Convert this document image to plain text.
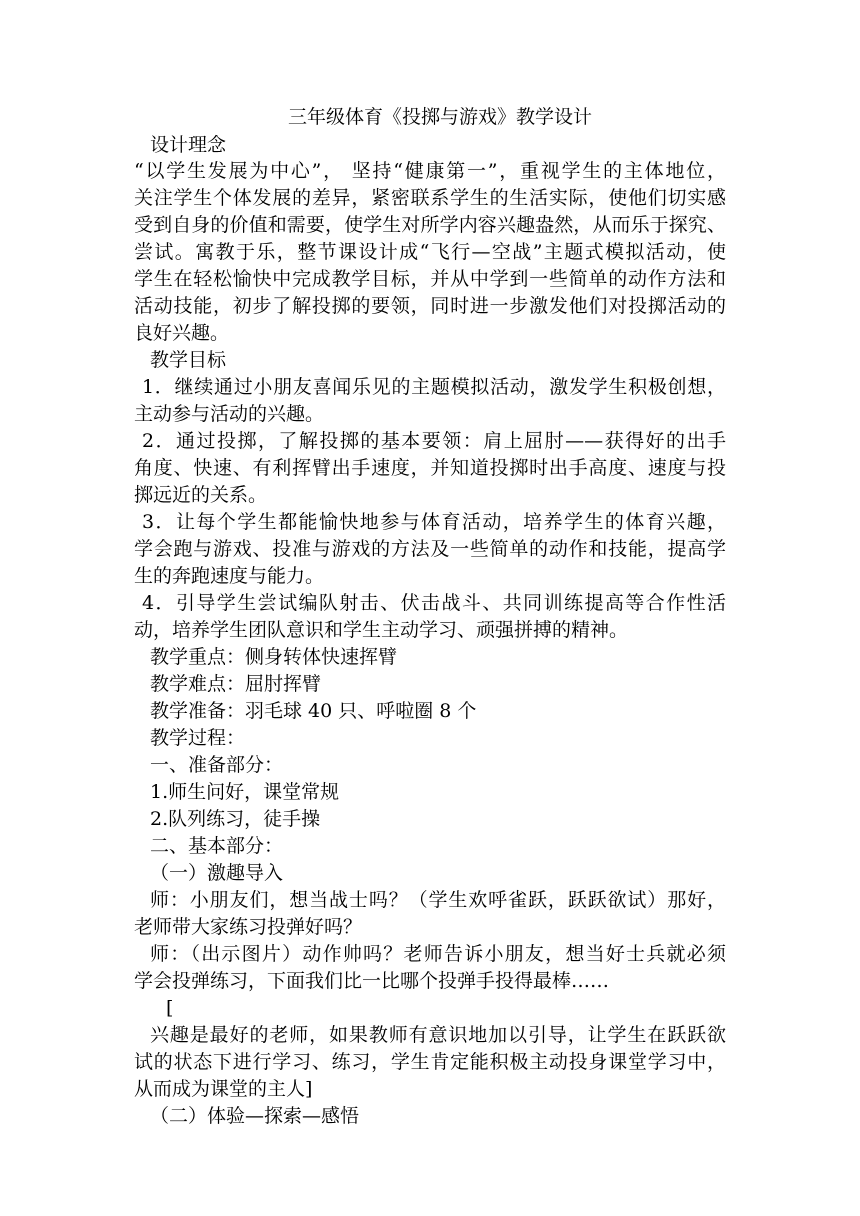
三年级体育《投掷与游戏》教学设计
设计理念
“以学生发展为中心”， 坚持“健康第一”，重视学生的主体地位，
关注学生个体发展的差异，紧密联系学生的生活实际，使他们切实感
受到自身的价值和需要，使学生对所学内容兴趣盎然，从而乐于探究、
尝试。寓教于乐，整节课设计成“飞行—空战”主题式模拟活动，使
学生在轻松愉快中完成教学目标，并从中学到一些简单的动作方法和
活动技能，初步了解投掷的要领，同时进一步激发他们对投掷活动的
良好兴趣。
教学目标
1．继续通过小朋友喜闻乐见的主题模拟活动，激发学生积极创想，
主动参与活动的兴趣。
2．通过投掷，了解投掷的基本要领：肩上屈肘——获得好的出手
角度、快速、有利挥臂出手速度，并知道投掷时出手高度、速度与投
掷远近的关系。
3．让每个学生都能愉快地参与体育活动，培养学生的体育兴趣，
学会跑与游戏、投准与游戏的方法及一些简单的动作和技能，提高学
生的奔跑速度与能力。
4．引导学生尝试编队射击、伏击战斗、共同训练提高等合作性活
动，培养学生团队意识和学生主动学习、顽强拼搏的精神。
教学重点：侧身转体快速挥臂
教学难点：屈肘挥臂
教学准备：羽毛球 40 只、呼啦圈 8 个
教学过程：
一、准备部分：
1.师生问好，课堂常规
2.队列练习，徒手操
二、基本部分：
（一）激趣导入
师：小朋友们，想当战士吗？（学生欢呼雀跃，跃跃欲试）那好，
老师带大家练习投弹好吗？
师：（出示图片）动作帅吗？老师告诉小朋友，想当好士兵就必须
学会投弹练习，下面我们比一比哪个投弹手投得最棒……
[
兴趣是最好的老师，如果教师有意识地加以引导，让学生在跃跃欲
试的状态下进行学习、练习，学生肯定能积极主动投身课堂学习中，
从而成为课堂的主人]
（二）体验—探索—感悟
